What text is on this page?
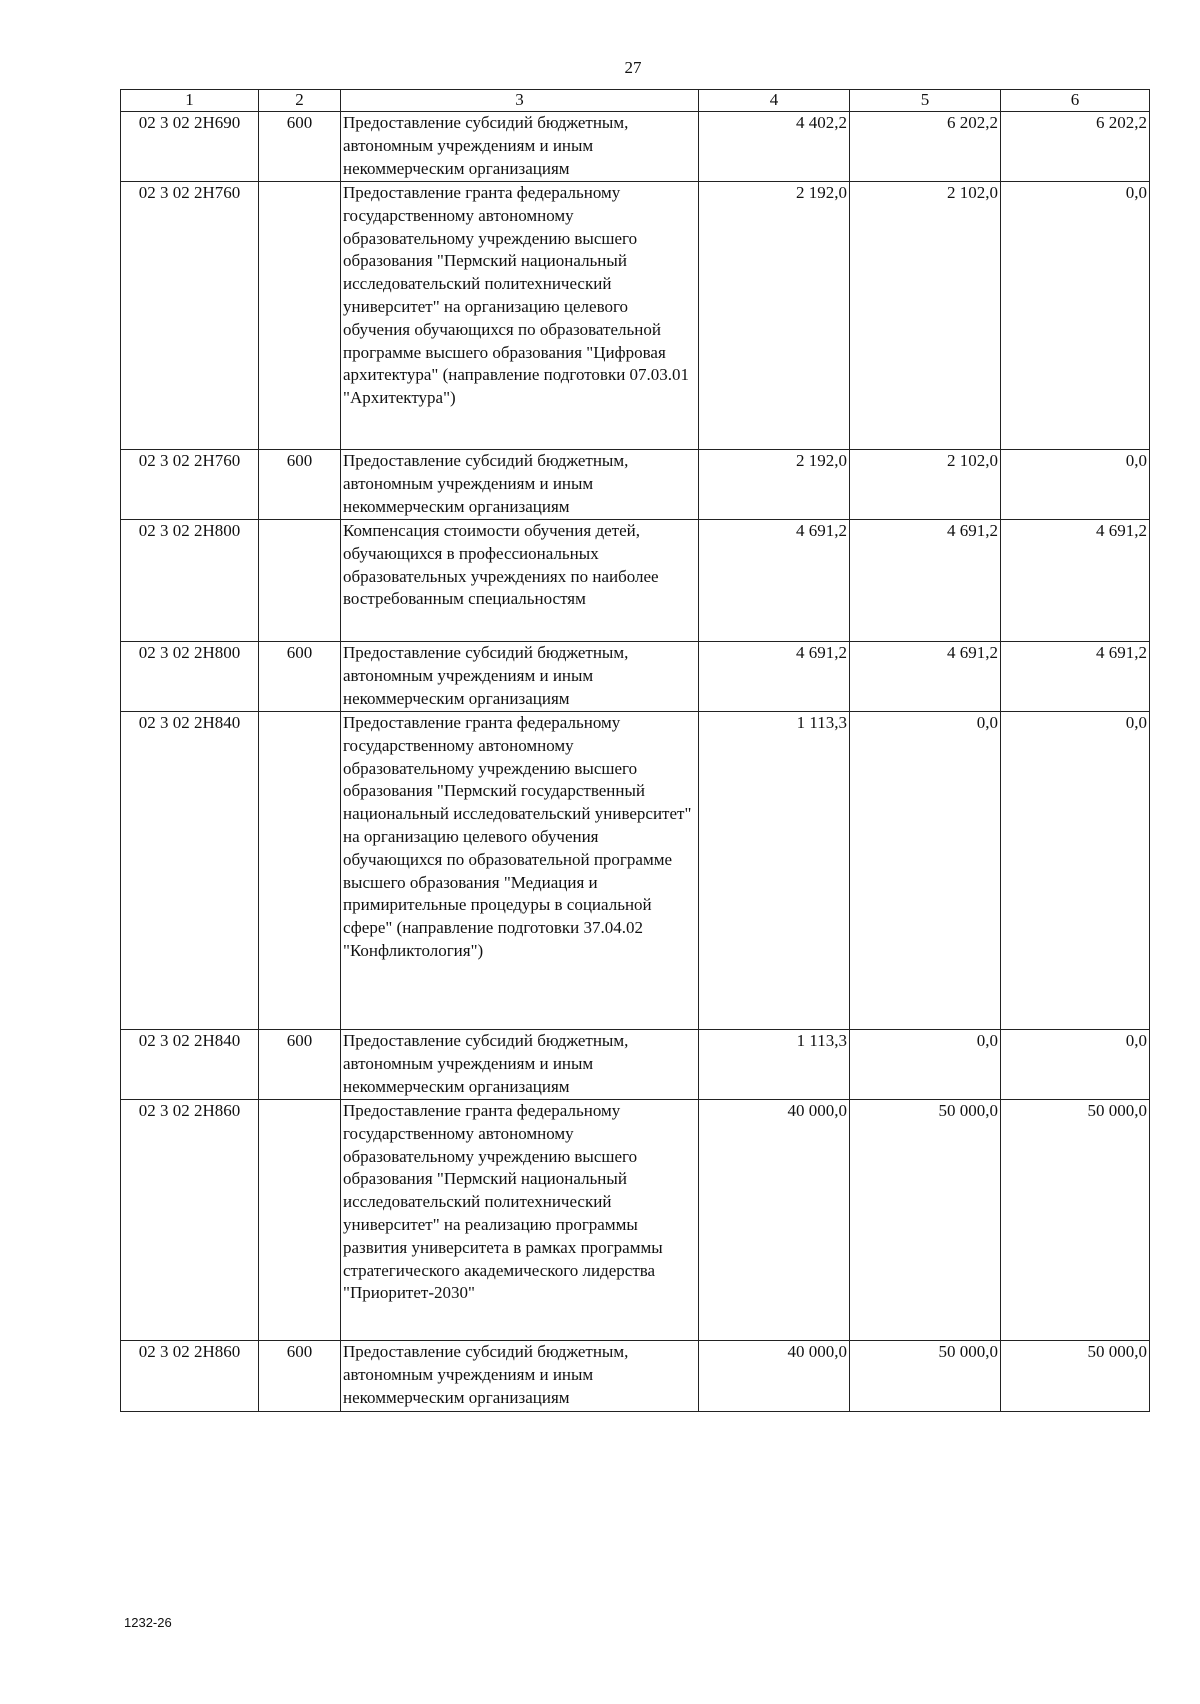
27
1	2	3	4	5	6
02 3 02 2Н690	600	Предоставление субсидий бюджетным, автономным учреждениям и иным некоммерческим организациям	4 402,2	6 202,2	6 202,2
02 3 02 2Н760		Предоставление гранта федеральному государственному автономному образовательному учреждению высшего образования "Пермский национальный исследовательский политехнический университет" на организацию целевого обучения обучающихся по образовательной программе высшего образования "Цифровая архитектура" (направление подготовки 07.03.01 "Архитектура")	2 192,0	2 102,0	0,0
02 3 02 2Н760	600	Предоставление субсидий бюджетным, автономным учреждениям и иным некоммерческим организациям	2 192,0	2 102,0	0,0
02 3 02 2Н800		Компенсация стоимости обучения детей, обучающихся в профессиональных образовательных учреждениях по наиболее востребованным специальностям	4 691,2	4 691,2	4 691,2
02 3 02 2Н800	600	Предоставление субсидий бюджетным, автономным учреждениям и иным некоммерческим организациям	4 691,2	4 691,2	4 691,2
02 3 02 2Н840		Предоставление гранта федеральному государственному автономному образовательному учреждению высшего образования "Пермский государственный национальный исследовательский университет" на организацию целевого обучения обучающихся по образовательной программе высшего образования "Медиация и примирительные процедуры в социальной сфере" (направление подготовки 37.04.02 "Конфликтология")	1 113,3	0,0	0,0
02 3 02 2Н840	600	Предоставление субсидий бюджетным, автономным учреждениям и иным некоммерческим организациям	1 113,3	0,0	0,0
02 3 02 2Н860		Предоставление гранта федеральному государственному автономному образовательному учреждению высшего образования "Пермский национальный исследовательский политехнический университет" на реализацию программы развития университета в рамках программы стратегического академического лидерства "Приоритет-2030"	40 000,0	50 000,0	50 000,0
02 3 02 2Н860	600	Предоставление субсидий бюджетным, автономным учреждениям и иным некоммерческим организациям	40 000,0	50 000,0	50 000,0
1232-26
